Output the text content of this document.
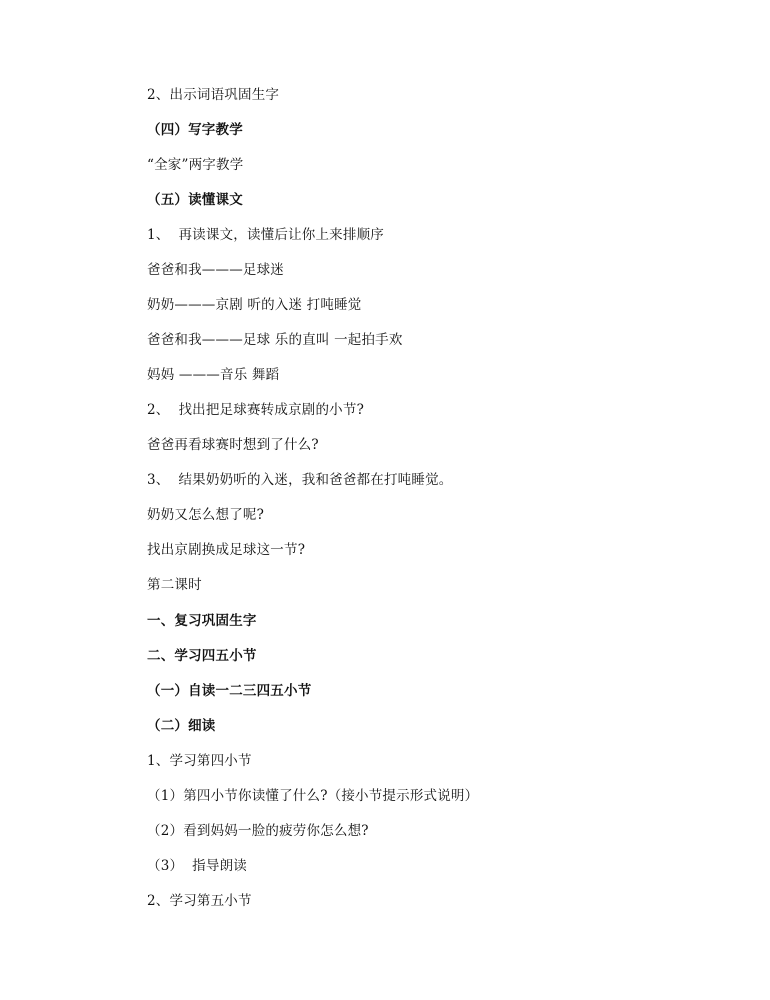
2、出示词语巩固生字
（四）写字教学
“全家”两字教学
（五）读懂课文
1、  再读课文，读懂后让你上来排顺序
爸爸和我———足球迷
奶奶———京剧 听的入迷 打吨睡觉
爸爸和我———足球 乐的直叫 一起拍手欢
妈妈 ———音乐 舞蹈
2、  找出把足球赛转成京剧的小节?
爸爸再看球赛时想到了什么?
3、  结果奶奶听的入迷，我和爸爸都在打吨睡觉。
奶奶又怎么想了呢?
找出京剧换成足球这一节?
第二课时
一、复习巩固生字
二、学习四五小节
（一）自读一二三四五小节
（二）细读
1、学习第四小节
（1）第四小节你读懂了什么?（接小节提示形式说明）
（2）看到妈妈一脸的疲劳你怎么想?
（3）  指导朗读
2、学习第五小节
